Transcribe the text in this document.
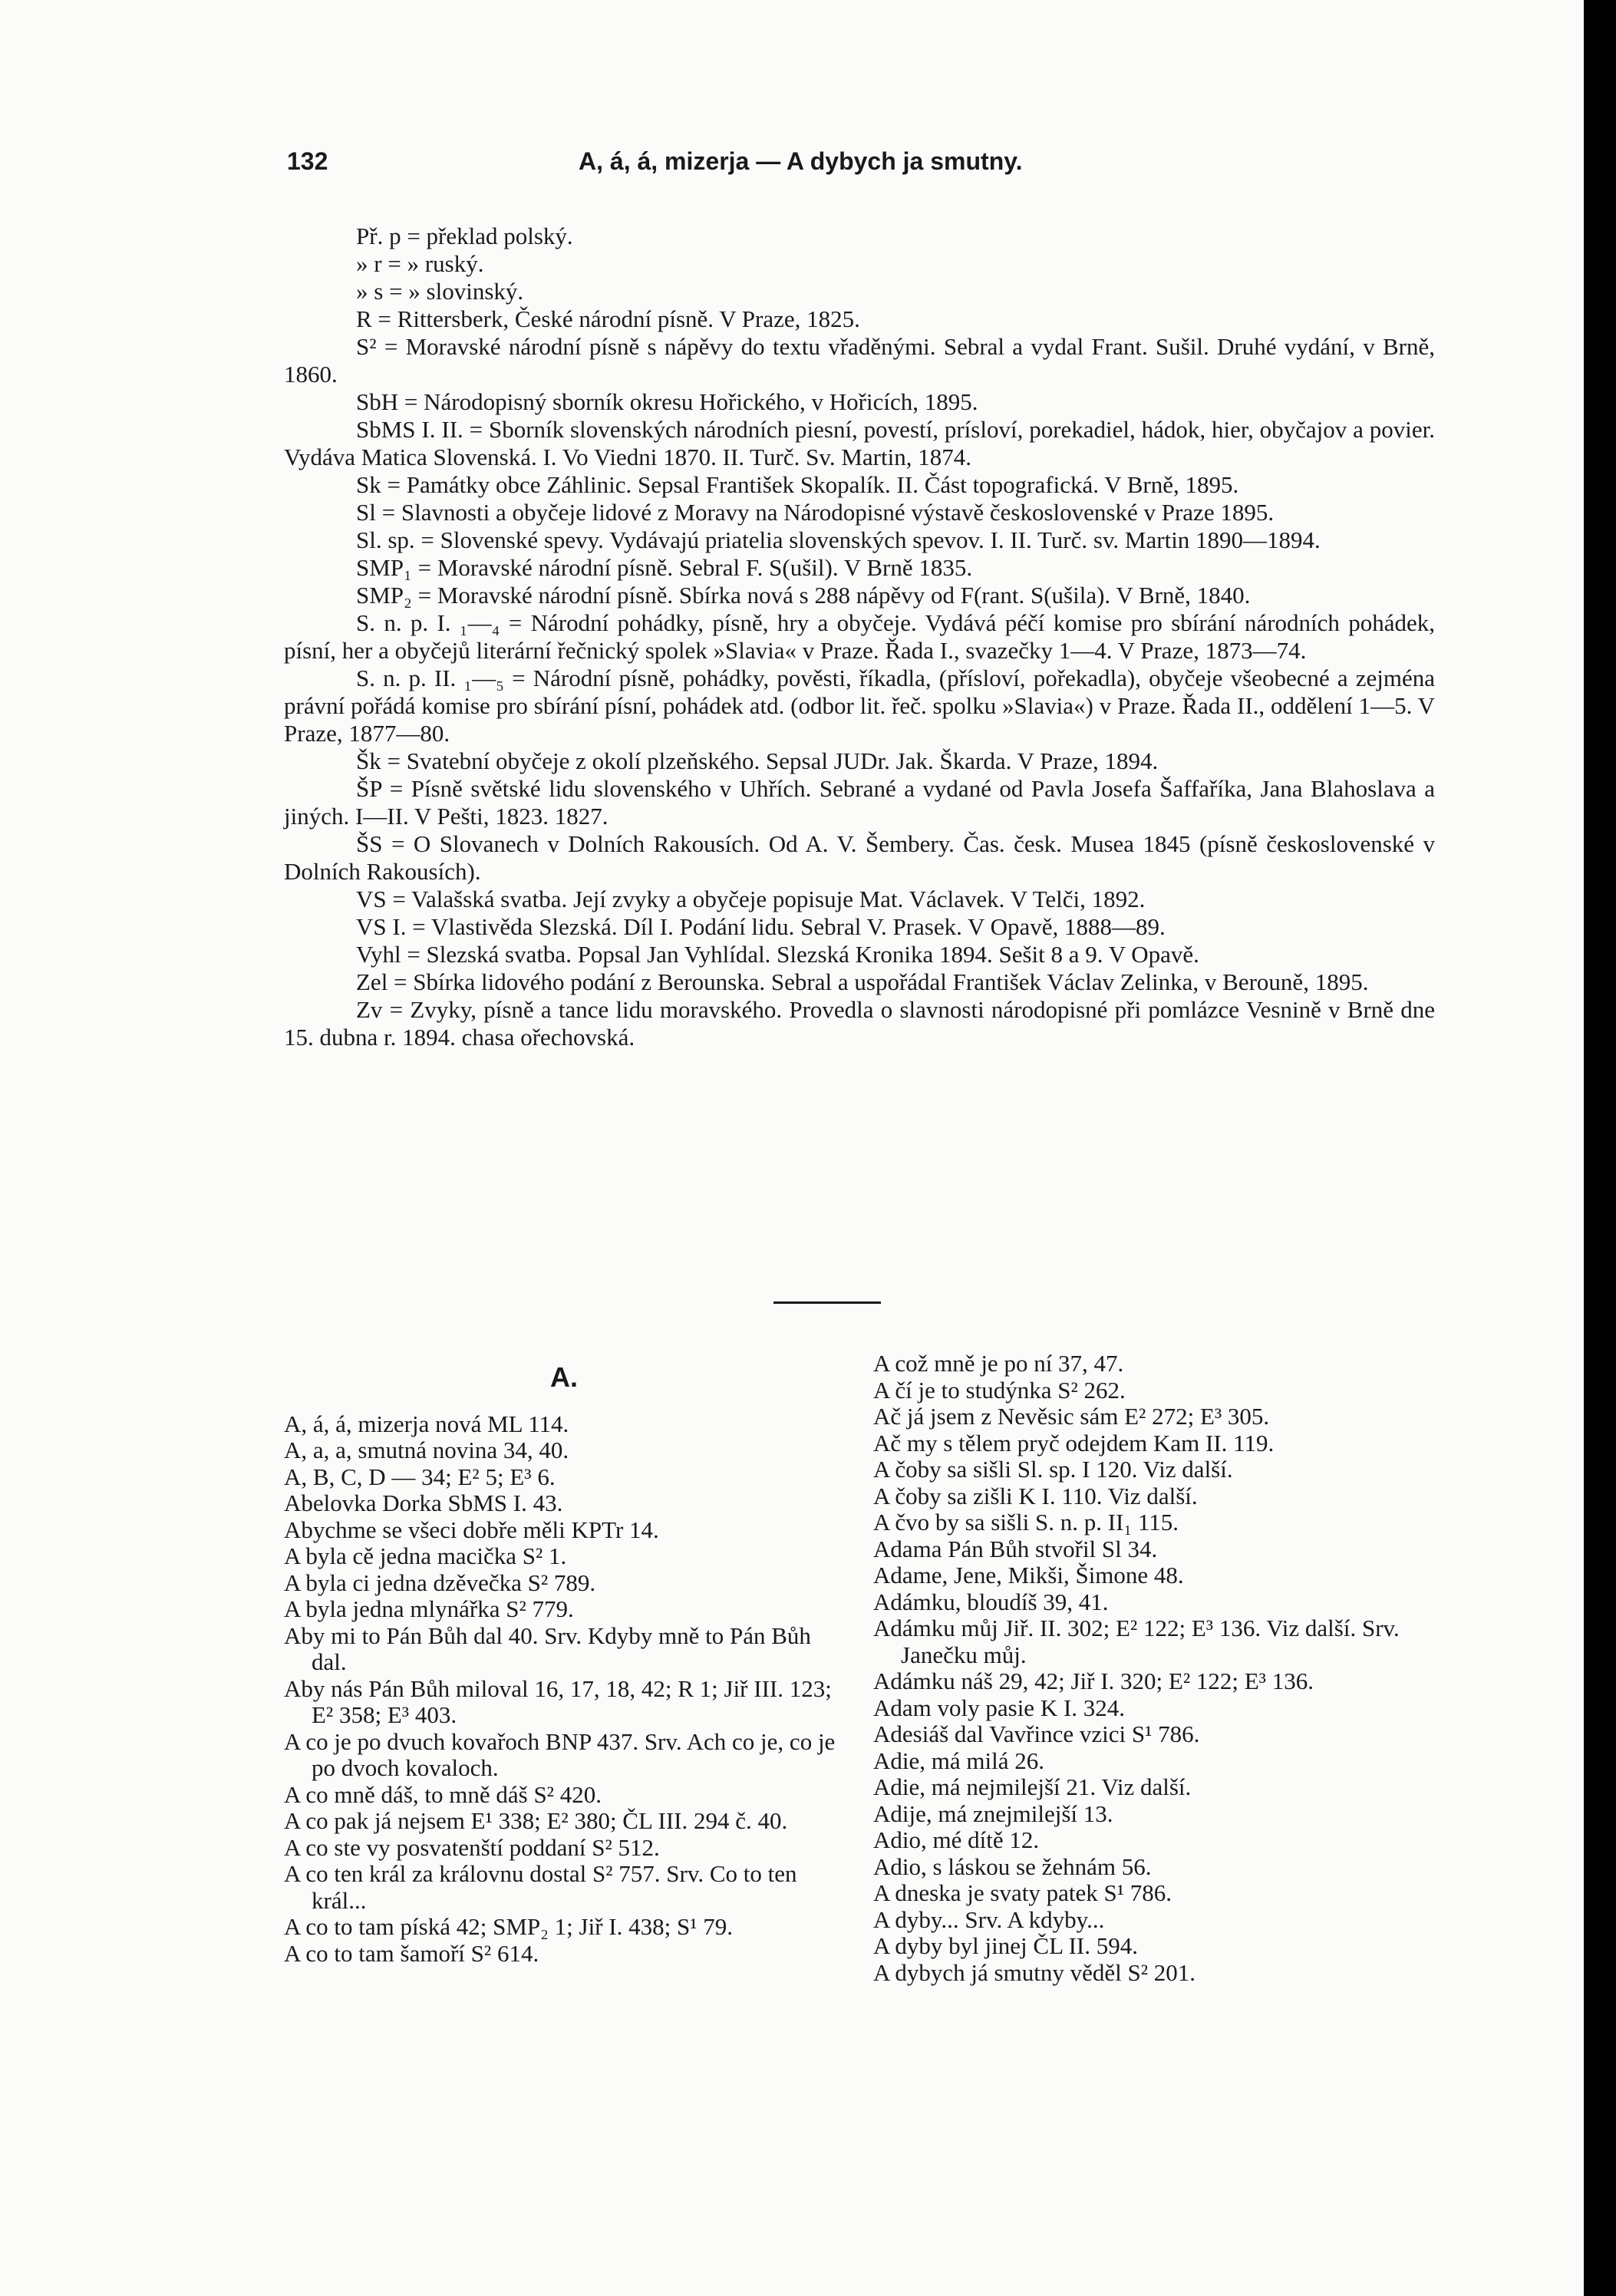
132	A, á, á, mizerja — A dybych ja smutny.

Př. p = překlad polský.

» r = » ruský.

» s = » slovinský.

R = Rittersberk, České národní písně. V Praze, 1825.

S² = Moravské národní písně s nápěvy do textu vřaděnými. Sebral a vydal Frant. Sušil. Druhé vydání, v Brně, 1860.

SbH = Národopisný sborník okresu Hořického, v Hořicích, 1895.

SbMS I. II. = Sborník slovenských národních piesní, povestí, prísloví, porekadiel, hádok, hier, obyčajov a povier. Vydáva Matica Slovenská. I. Vo Viedni 1870. II. Turč. Sv. Martin, 1874.

Sk = Památky obce Záhlinic. Sepsal František Skopalík. II. Část topografická. V Brně, 1895.

Sl = Slavnosti a obyčeje lidové z Moravy na Národopisné výstavě československé v Praze 1895.

Sl. sp. = Slovenské spevy. Vydávajú priatelia slovenských spevov. I. II. Turč. sv. Martin 1890—1894.

SMP₁ = Moravské národní písně. Sebral F. S(ušil). V Brně 1835.

SMP₂ = Moravské národní písně. Sbírka nová s 288 nápěvy od F(rant. S(ušila). V Brně, 1840.

S. n. p. I. ₁—₄ = Národní pohádky, písně, hry a obyčeje. Vydává péčí komise pro sbírání národních pohádek, písní, her a obyčejů literární řečnický spolek »Slavia« v Praze. Řada I., svazečky 1—4. V Praze, 1873—74.

S. n. p. II. ₁—₅ = Národní písně, pohádky, pověsti, říkadla, (přísloví, pořekadla), obyčeje všeobecné a zejména právní pořádá komise pro sbírání písní, pohádek atd. (odbor lit. řeč. spolku »Slavia«) v Praze. Řada II., oddělení 1—5. V Praze, 1877—80.

Šk = Svatební obyčeje z okolí plzeňského. Sepsal JUDr. Jak. Škarda. V Praze, 1894.

ŠP = Písně světské lidu slovenského v Uhřích. Sebrané a vydané od Pavla Josefa Šaffaříka, Jana Blahoslava a jiných. I—II. V Pešti, 1823. 1827.

ŠS = O Slovanech v Dolních Rakousích. Od A. V. Šembery. Čas. česk. Musea 1845 (písně československé v Dolních Rakousích).

VS = Valašská svatba. Její zvyky a obyčeje popisuje Mat. Václavek. V Telči, 1892.

VS I. = Vlastivěda Slezská. Díl I. Podání lidu. Sebral V. Prasek. V Opavě, 1888—89.

Vyhl = Slezská svatba. Popsal Jan Vyhlídal. Slezská Kronika 1894. Sešit 8 a 9. V Opavě.

Zel = Sbírka lidového podání z Berounska. Sebral a uspořádal František Václav Zelinka, v Berouně, 1895.

Zv = Zvyky, písně a tance lidu moravského. Provedla o slavnosti národopisné při pomlázce Vesnině v Brně dne 15. dubna r. 1894. chasa ořechovská.

A.

A, á, á, mizerja nová ML 114.

A, a, a, smutná novina 34, 40.

A, B, C, D — 34; E² 5; E³ 6.

Abelovka Dorka SbMS I. 43.

Abychme se všeci dobře měli KPTr 14.

A byla cě jedna macička S² 1.

A byla ci jedna dzěvečka S² 789.

A byla jedna mlynářka S² 779.

Aby mi to Pán Bůh dal 40. Srv. Kdyby mně to Pán Bůh dal.

Aby nás Pán Bůh miloval 16, 17, 18, 42; R 1; Jiř III. 123; E² 358; E³ 403.

A co je po dvuch kovařoch BNP 437. Srv. Ach co je, co je po dvoch kovaloch.

A co mně dáš, to mně dáš S² 420.

A co pak já nejsem E¹ 338; E² 380; ČL III. 294 č. 40.

A co ste vy posvatenští poddaní S² 512.

A co ten král za královnu dostal S² 757. Srv. Co to ten král...

A co to tam píská 42; SMP₂ 1; Jiř I. 438; S¹ 79.

A co to tam šamoří S² 614.

A což mně je po ní 37, 47.

A čí je to studýnka S² 262.

Ač já jsem z Nevěsic sám E² 272; E³ 305.

Ač my s tělem pryč odejdem Kam II. 119.

A čoby sa sišli Sl. sp. I 120. Viz další.

A čoby sa zišli K I. 110. Viz další.

A čvo by sa sišli S. n. p. II₁ 115.

Adama Pán Bůh stvořil Sl 34.

Adame, Jene, Mikši, Šimone 48.

Adámku, bloudíš 39, 41.

Adámku můj Jiř. II. 302; E² 122; E³ 136. Viz další. Srv. Janečku můj.

Adámku náš 29, 42; Jiř I. 320; E² 122; E³ 136.

Adam voly pasie K I. 324.

Adesiáš dal Vavřince vzici S¹ 786.

Adie, má milá 26.

Adie, má nejmilejší 21. Viz další.

Adije, má znejmilejší 13.

Adio, mé dítě 12.

Adio, s láskou se žehnám 56.

A dneska je svaty patek S¹ 786.

A dyby... Srv. A kdyby...

A dyby byl jinej ČL II. 594.

A dybych já smutny věděl S² 201.
